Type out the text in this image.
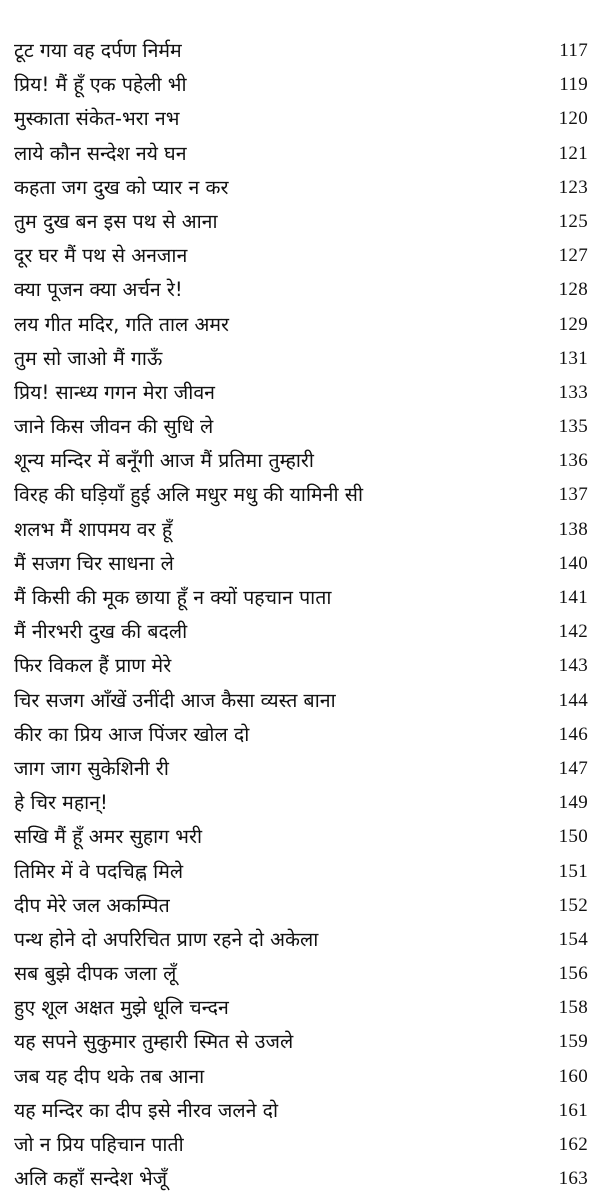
टूट गया वह दर्पण निर्मम	117
प्रिय! मैं हूँ एक पहेली भी	119
मुस्काता संकेत-भरा नभ	120
लाये कौन सन्देश नये घन	121
कहता जग दुख को प्यार न कर	123
तुम दुख बन इस पथ से आना	125
दूर घर मैं पथ से अनजान	127
क्या पूजन क्या अर्चन रे!	128
लय गीत मदिर, गति ताल अमर	129
तुम सो जाओ मैं गाऊँ	131
प्रिय! सान्ध्य गगन मेरा जीवन	133
जाने किस जीवन की सुधि ले	135
शून्य मन्दिर में बनूँगी आज मैं प्रतिमा तुम्हारी	136
विरह की घड़ियाँ हुई अलि मधुर मधु की यामिनी सी	137
शलभ मैं शापमय वर हूँ	138
मैं सजग चिर साधना ले	140
मैं किसी की मूक छाया हूँ न क्यों पहचान पाता	141
मैं नीरभरी दुख की बदली	142
फिर विकल हैं प्राण मेरे	143
चिर सजग आँखें उनींदी आज कैसा व्यस्त बाना	144
कीर का प्रिय आज पिंजर खोल दो	146
जाग जाग सुकेशिनी री	147
हे चिर महान्!	149
सखि मैं हूँ अमर सुहाग भरी	150
तिमिर में वे पदचिह्न मिले	151
दीप मेरे जल अकम्पित	152
पन्थ होने दो अपरिचित प्राण रहने दो अकेला	154
सब बुझे दीपक जला लूँ	156
हुए शूल अक्षत मुझे धूलि चन्दन	158
यह सपने सुकुमार तुम्हारी स्मित से उजले	159
जब यह दीप थके तब आना	160
यह मन्दिर का दीप इसे नीरव जलने दो	161
जो न प्रिय पहिचान पाती	162
अलि कहाँ सन्देश भेजूँ	163
